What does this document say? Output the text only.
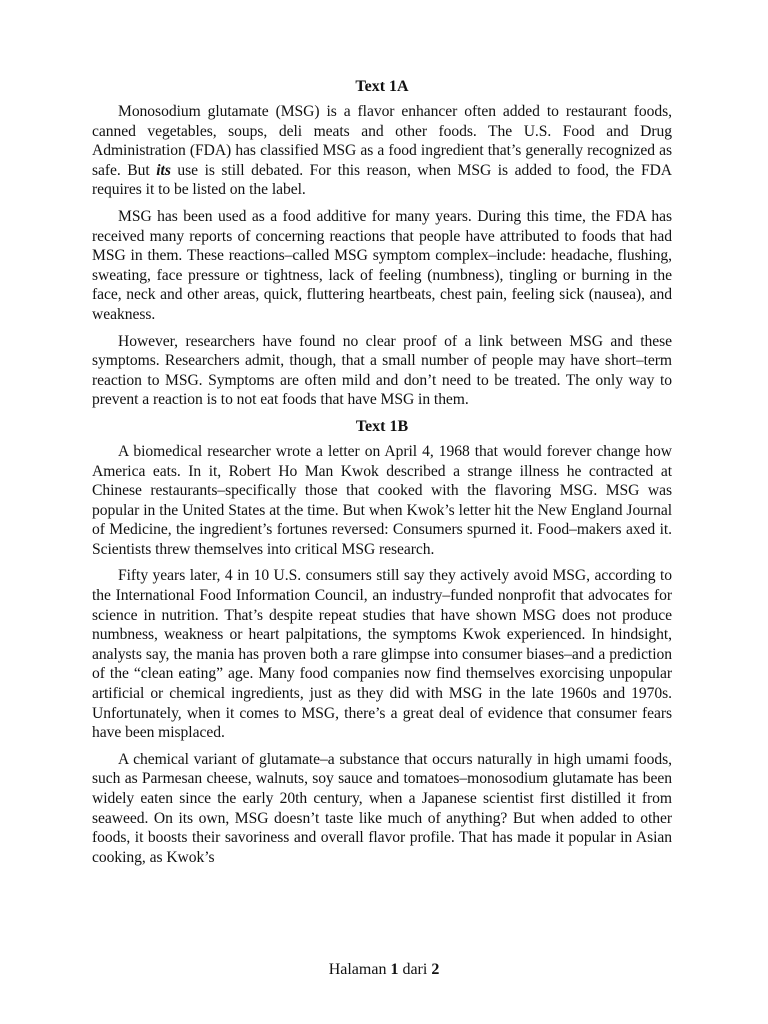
Text 1A

Monosodium glutamate (MSG) is a flavor enhancer often added to restaurant foods, canned vegetables, soups, deli meats and other foods. The U.S. Food and Drug Administration (FDA) has classified MSG as a food ingredient that’s generally recognized as safe. But its use is still debated. For this reason, when MSG is added to food, the FDA requires it to be listed on the label.

MSG has been used as a food additive for many years. During this time, the FDA has received many reports of concerning reactions that people have attributed to foods that had MSG in them. These reactions–called MSG symptom complex–include: headache, flushing, sweating, face pressure or tightness, lack of feeling (numbness), tingling or burning in the face, neck and other areas, quick, fluttering heartbeats, chest pain, feeling sick (nausea), and weakness.

However, researchers have found no clear proof of a link between MSG and these symptoms. Researchers admit, though, that a small number of people may have short–term reaction to MSG. Symptoms are often mild and don’t need to be treated. The only way to prevent a reaction is to not eat foods that have MSG in them.

Text 1B

A biomedical researcher wrote a letter on April 4, 1968 that would forever change how America eats. In it, Robert Ho Man Kwok described a strange illness he contracted at Chinese restaurants–specifically those that cooked with the flavoring MSG. MSG was popular in the United States at the time. But when Kwok’s letter hit the New England Journal of Medicine, the ingredient’s fortunes reversed: Consumers spurned it. Food–makers axed it. Scientists threw themselves into critical MSG research.

Fifty years later, 4 in 10 U.S. consumers still say they actively avoid MSG, according to the International Food Information Council, an industry–funded nonprofit that advocates for science in nutrition. That’s despite repeat studies that have shown MSG does not produce numbness, weakness or heart palpitations, the symptoms Kwok experienced. In hindsight, analysts say, the mania has proven both a rare glimpse into consumer biases–and a prediction of the “clean eating” age. Many food companies now find themselves exorcising unpopular artificial or chemical ingredients, just as they did with MSG in the late 1960s and 1970s. Unfortunately, when it comes to MSG, there’s a great deal of evidence that consumer fears have been misplaced.

A chemical variant of glutamate–a substance that occurs naturally in high umami foods, such as Parmesan cheese, walnuts, soy sauce and tomatoes–monosodium glutamate has been widely eaten since the early 20th century, when a Japanese scientist first distilled it from seaweed. On its own, MSG doesn’t taste like much of anything? But when added to other foods, it boosts their savoriness and overall flavor profile. That has made it popular in Asian cooking, as Kwok’s

Halaman 1 dari 2
